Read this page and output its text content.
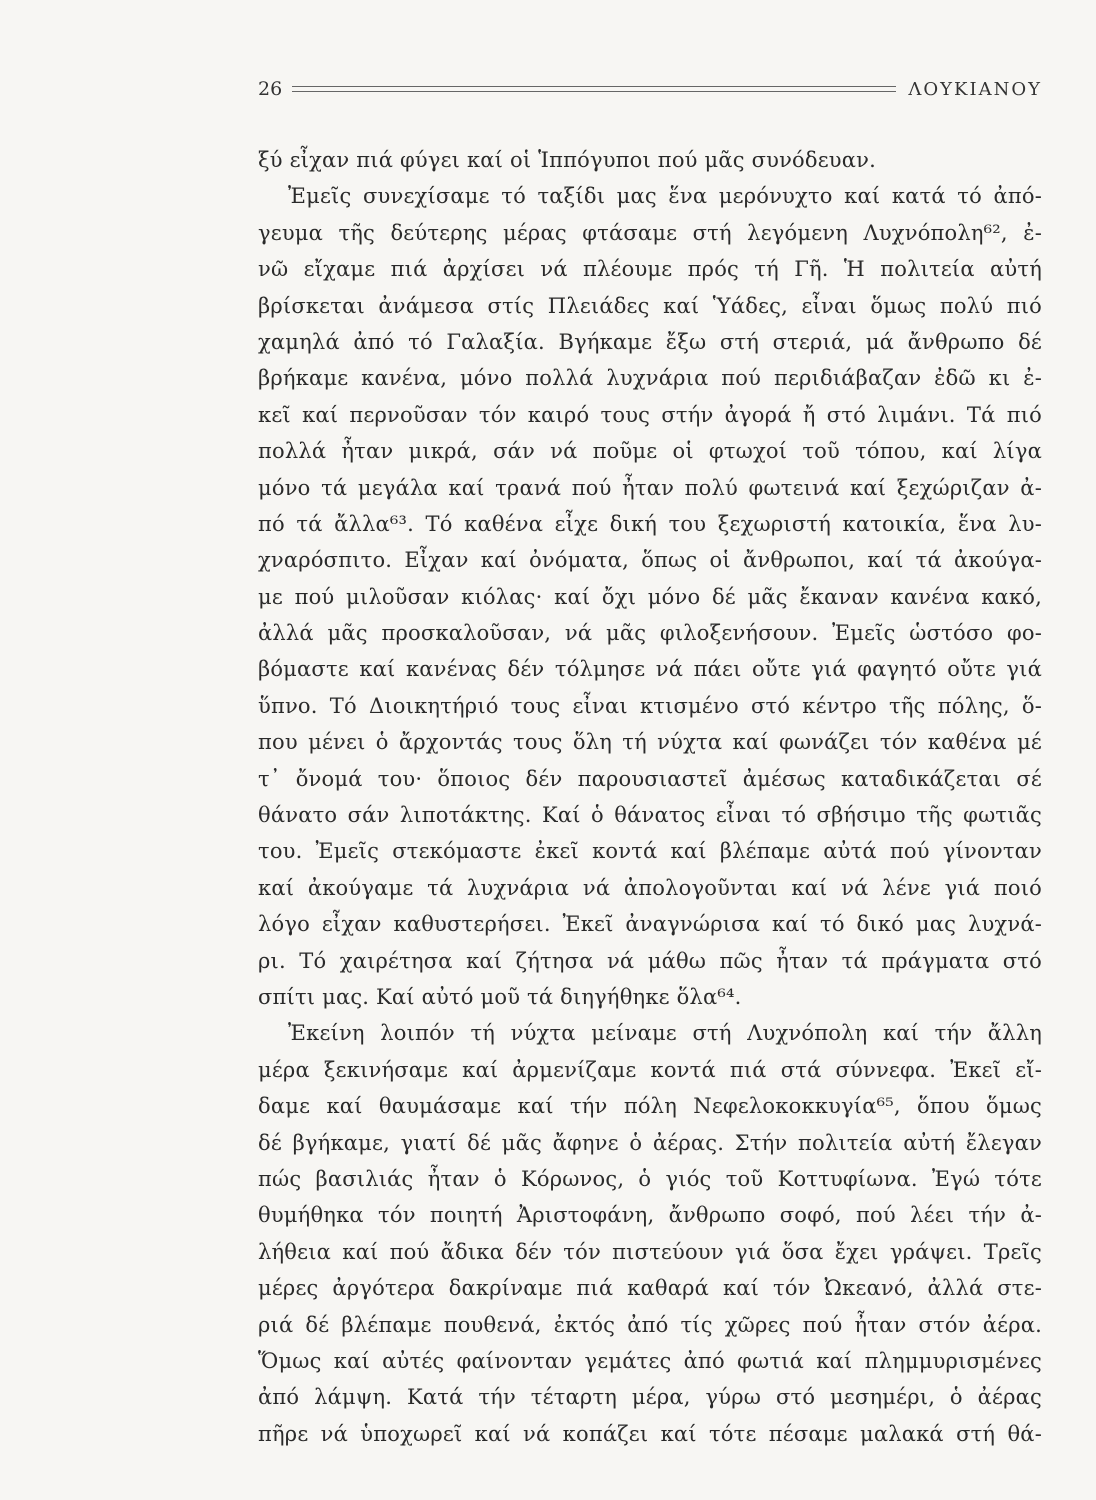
26	ΛΟΥΚΙΑΝΟΥ
ξύ εἶχαν πιά φύγει καί οἱ Ἱππόγυποι πού μᾶς συνόδευαν.
Ἐμεῖς συνεχίσαμε τό ταξίδι μας ἕνα μερόνυχτο καί κατά τό ἀπό-
γευμα τῆς δεύτερης μέρας φτάσαμε στή λεγόμενη Λυχνόπολη⁶², ἐ-
νῶ εἴχαμε πιά ἀρχίσει νά πλέουμε πρός τή Γῆ. Ἡ πολιτεία αὐτή
βρίσκεται ἀνάμεσα στίς Πλειάδες καί Ὑάδες, εἶναι ὅμως πολύ πιό
χαμηλά ἀπό τό Γαλαξία. Βγήκαμε ἔξω στή στεριά, μά ἄνθρωπο δέ
βρήκαμε κανένα, μόνο πολλά λυχνάρια πού περιδιάβαζαν ἐδῶ κι ἐ-
κεῖ καί περνοῦσαν τόν καιρό τους στήν ἀγορά ἤ στό λιμάνι. Τά πιό
πολλά ἦταν μικρά, σάν νά ποῦμε οἱ φτωχοί τοῦ τόπου, καί λίγα
μόνο τά μεγάλα καί τρανά πού ἦταν πολύ φωτεινά καί ξεχώριζαν ἀ-
πό τά ἄλλα⁶³. Τό καθένα εἶχε δική του ξεχωριστή κατοικία, ἕνα λυ-
χναρόσπιτο. Εἶχαν καί ὀνόματα, ὅπως οἱ ἄνθρωποι, καί τά ἀκούγα-
με πού μιλοῦσαν κιόλας· καί ὄχι μόνο δέ μᾶς ἔκαναν κανένα κακό,
ἀλλά μᾶς προσκαλοῦσαν, νά μᾶς φιλοξενήσουν. Ἐμεῖς ὡστόσο φο-
βόμαστε καί κανένας δέν τόλμησε νά πάει οὔτε γιά φαγητό οὔτε γιά
ὕπνο. Τό Διοικητήριό τους εἶναι κτισμένο στό κέντρο τῆς πόλης, ὅ-
που μένει ὁ ἄρχοντάς τους ὅλη τή νύχτα καί φωνάζει τόν καθένα μέ
τ᾽ ὄνομά του· ὅποιος δέν παρουσιαστεῖ ἀμέσως καταδικάζεται σέ
θάνατο σάν λιποτάκτης. Καί ὁ θάνατος εἶναι τό σβήσιμο τῆς φωτιᾶς
του. Ἐμεῖς στεκόμαστε ἐκεῖ κοντά καί βλέπαμε αὐτά πού γίνονταν
καί ἀκούγαμε τά λυχνάρια νά ἀπολογοῦνται καί νά λένε γιά ποιό
λόγο εἶχαν καθυστερήσει. Ἐκεῖ ἀναγνώρισα καί τό δικό μας λυχνά-
ρι. Τό χαιρέτησα καί ζήτησα νά μάθω πῶς ἦταν τά πράγματα στό
σπίτι μας. Καί αὐτό μοῦ τά διηγήθηκε ὅλα⁶⁴.
Ἐκείνη λοιπόν τή νύχτα μείναμε στή Λυχνόπολη καί τήν ἄλλη
μέρα ξεκινήσαμε καί ἀρμενίζαμε κοντά πιά στά σύννεφα. Ἐκεῖ εἴ-
δαμε καί θαυμάσαμε καί τήν πόλη Νεφελοκοκκυγία⁶⁵, ὅπου ὅμως
δέ βγήκαμε, γιατί δέ μᾶς ἄφηνε ὁ ἀέρας. Στήν πολιτεία αὐτή ἔλεγαν
πώς βασιλιάς ἦταν ὁ Κόρωνος, ὁ γιός τοῦ Κοττυφίωνα. Ἐγώ τότε
θυμήθηκα τόν ποιητή Ἀριστοφάνη, ἄνθρωπο σοφό, πού λέει τήν ἀ-
λήθεια καί πού ἄδικα δέν τόν πιστεύουν γιά ὅσα ἔχει γράψει. Τρεῖς
μέρες ἀργότερα δακρίναμε πιά καθαρά καί τόν Ὠκεανό, ἀλλά στε-
ριά δέ βλέπαμε πουθενά, ἐκτός ἀπό τίς χῶρες πού ἦταν στόν ἀέρα.
Ὅμως καί αὐτές φαίνονταν γεμάτες ἀπό φωτιά καί πλημμυρισμένες
ἀπό λάμψη. Κατά τήν τέταρτη μέρα, γύρω στό μεσημέρι, ὁ ἀέρας
πῆρε νά ὑποχωρεῖ καί νά κοπάζει καί τότε πέσαμε μαλακά στή θά-
